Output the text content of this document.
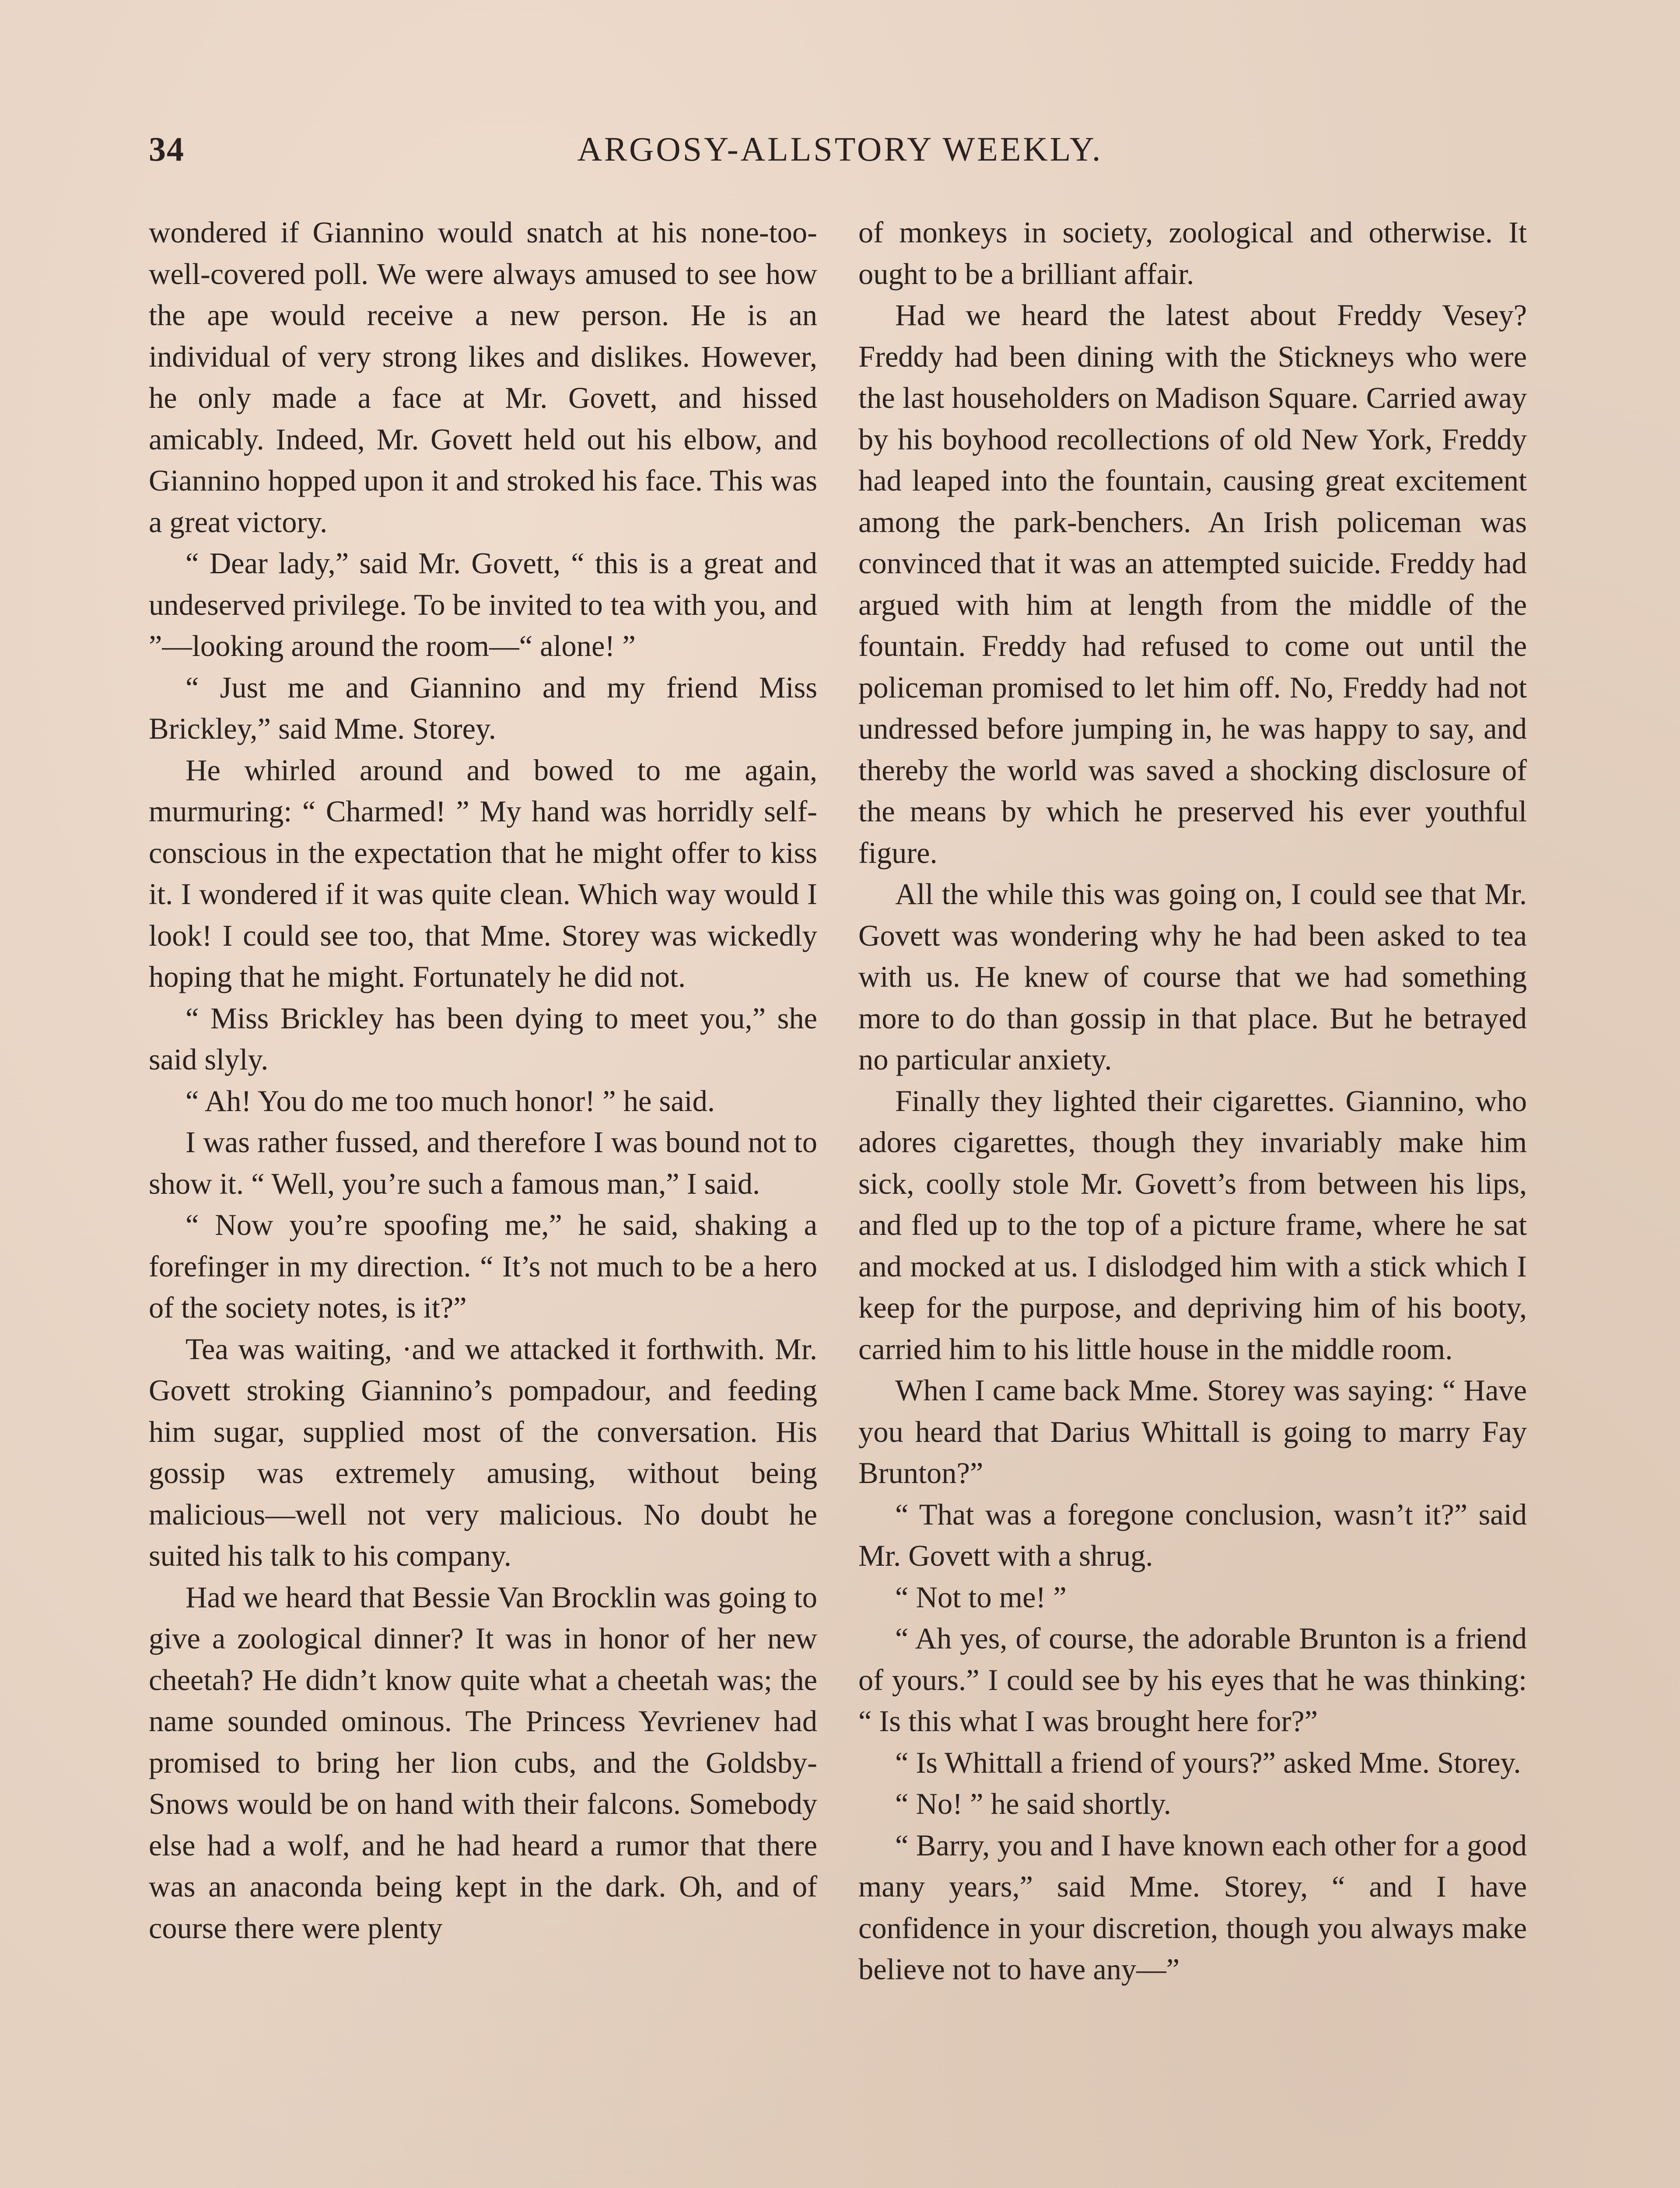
34	ARGOSY-ALLSTORY WEEKLY.

wondered if Giannino would snatch at his none-too-well-covered poll. We were always amused to see how the ape would receive a new person. He is an individual of very strong likes and dislikes. However, he only made a face at Mr. Govett, and hissed amicably. Indeed, Mr. Govett held out his elbow, and Giannino hopped upon it and stroked his face. This was a great victory.

“ Dear lady,” said Mr. Govett, “ this is a great and undeserved privilege. To be invited to tea with you, and ”—looking around the room—“ alone! ”

“ Just me and Giannino and my friend Miss Brickley,” said Mme. Storey.

He whirled around and bowed to me again, murmuring: “ Charmed! ” My hand was horridly self-conscious in the expectation that he might offer to kiss it. I wondered if it was quite clean. Which way would I look! I could see too, that Mme. Storey was wickedly hoping that he might. Fortunately he did not.

“ Miss Brickley has been dying to meet you,” she said slyly.

“ Ah! You do me too much honor! ” he said.

I was rather fussed, and therefore I was bound not to show it. “ Well, you’re such a famous man,” I said.

“ Now you’re spoofing me,” he said, shaking a forefinger in my direction. “ It’s not much to be a hero of the society notes, is it?”

Tea was waiting, ·and we attacked it forthwith. Mr. Govett stroking Giannino’s pompadour, and feeding him sugar, supplied most of the conversation. His gossip was extremely amusing, without being malicious—well not very malicious. No doubt he suited his talk to his company.

Had we heard that Bessie Van Brocklin was going to give a zoological dinner? It was in honor of her new cheetah? He didn’t know quite what a cheetah was; the name sounded ominous. The Princess Yevrienev had promised to bring her lion cubs, and the Goldsby-Snows would be on hand with their falcons. Somebody else had a wolf, and he had heard a rumor that there was an anaconda being kept in the dark. Oh, and of course there were plenty

of monkeys in society, zoological and otherwise. It ought to be a brilliant affair.

Had we heard the latest about Freddy Vesey? Freddy had been dining with the Stickneys who were the last householders on Madison Square. Carried away by his boyhood recollections of old New York, Freddy had leaped into the fountain, causing great excitement among the park-benchers. An Irish policeman was convinced that it was an attempted suicide. Freddy had argued with him at length from the middle of the fountain. Freddy had refused to come out until the policeman promised to let him off. No, Freddy had not undressed before jumping in, he was happy to say, and thereby the world was saved a shocking disclosure of the means by which he preserved his ever youthful figure.

All the while this was going on, I could see that Mr. Govett was wondering why he had been asked to tea with us. He knew of course that we had something more to do than gossip in that place. But he betrayed no particular anxiety.

Finally they lighted their cigarettes. Giannino, who adores cigarettes, though they invariably make him sick, coolly stole Mr. Govett’s from between his lips, and fled up to the top of a picture frame, where he sat and mocked at us. I dislodged him with a stick which I keep for the purpose, and depriving him of his booty, carried him to his little house in the middle room.

When I came back Mme. Storey was saying: “ Have you heard that Darius Whittall is going to marry Fay Brunton?”

“ That was a foregone conclusion, wasn’t it?” said Mr. Govett with a shrug.

“ Not to me! ”

“ Ah yes, of course, the adorable Brunton is a friend of yours.” I could see by his eyes that he was thinking: “ Is this what I was brought here for?”

“ Is Whittall a friend of yours?” asked Mme. Storey.

“ No! ” he said shortly.

“ Barry, you and I have known each other for a good many years,” said Mme. Storey, “ and I have confidence in your discretion, though you always make believe not to have any—”
